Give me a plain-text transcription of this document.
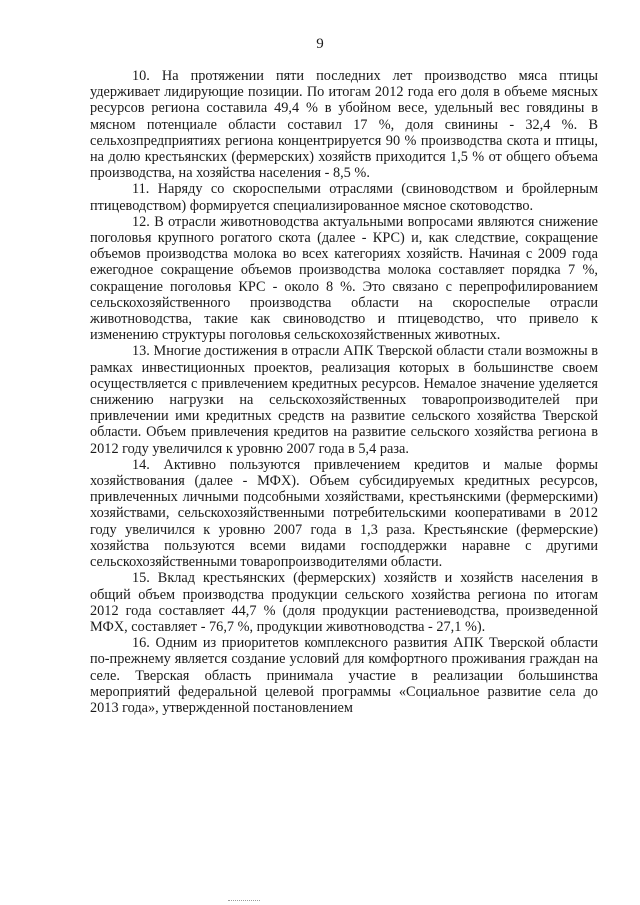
9

10. На протяжении пяти последних лет производство мяса птицы удерживает лидирующие позиции. По итогам 2012 года его доля в объеме мясных ресурсов региона составила 49,4 % в убойном весе, удельный вес говядины в мясном потенциале области составил 17 %, доля свинины - 32,4 %. В сельхозпредприятиях региона концентрируется 90 % производства скота и птицы, на долю крестьянских (фермерских) хозяйств приходится 1,5 % от общего объема производства, на хозяйства населения - 8,5 %.

11. Наряду со скороспелыми отраслями (свиноводством и бройлерным птицеводством) формируется специализированное мясное скотоводство.

12. В отрасли животноводства актуальными вопросами являются снижение поголовья крупного рогатого скота (далее - КРС) и, как следствие, сокращение объемов производства молока во всех категориях хозяйств. Начиная с 2009 года ежегодное сокращение объемов производства молока составляет порядка 7 %, сокращение поголовья КРС - около 8 %. Это связано с перепрофилированием сельскохозяйственного производства области на скороспелые отрасли животноводства, такие как свиноводство и птицеводство, что привело к изменению структуры поголовья сельскохозяйственных животных.

13. Многие достижения в отрасли АПК Тверской области стали возможны в рамках инвестиционных проектов, реализация которых в большинстве своем осуществляется с привлечением кредитных ресурсов. Немалое значение уделяется снижению нагрузки на сельскохозяйственных товаропроизводителей при привлечении ими кредитных средств на развитие сельского хозяйства Тверской области. Объем привлечения кредитов на развитие сельского хозяйства региона в 2012 году увеличился к уровню 2007 года в 5,4 раза.

14. Активно пользуются привлечением кредитов и малые формы хозяйствования (далее - МФХ). Объем субсидируемых кредитных ресурсов, привлеченных личными подсобными хозяйствами, крестьянскими (фермерскими) хозяйствами, сельскохозяйственными потребительскими кооперативами в 2012 году увеличился к уровню 2007 года в 1,3 раза. Крестьянские (фермерские) хозяйства пользуются всеми видами господдержки наравне с другими сельскохозяйственными товаропроизводителями области.

15. Вклад крестьянских (фермерских) хозяйств и хозяйств населения в общий объем производства продукции сельского хозяйства региона по итогам 2012 года составляет 44,7 % (доля продукции растениеводства, произведенной МФХ, составляет - 76,7 %, продукции животноводства - 27,1 %).

16. Одним из приоритетов комплексного развития АПК Тверской области по-прежнему является создание условий для комфортного проживания граждан на селе. Тверская область принимала участие в реализации большинства мероприятий федеральной целевой программы «Социальное развитие села до 2013 года», утвержденной постановлением
